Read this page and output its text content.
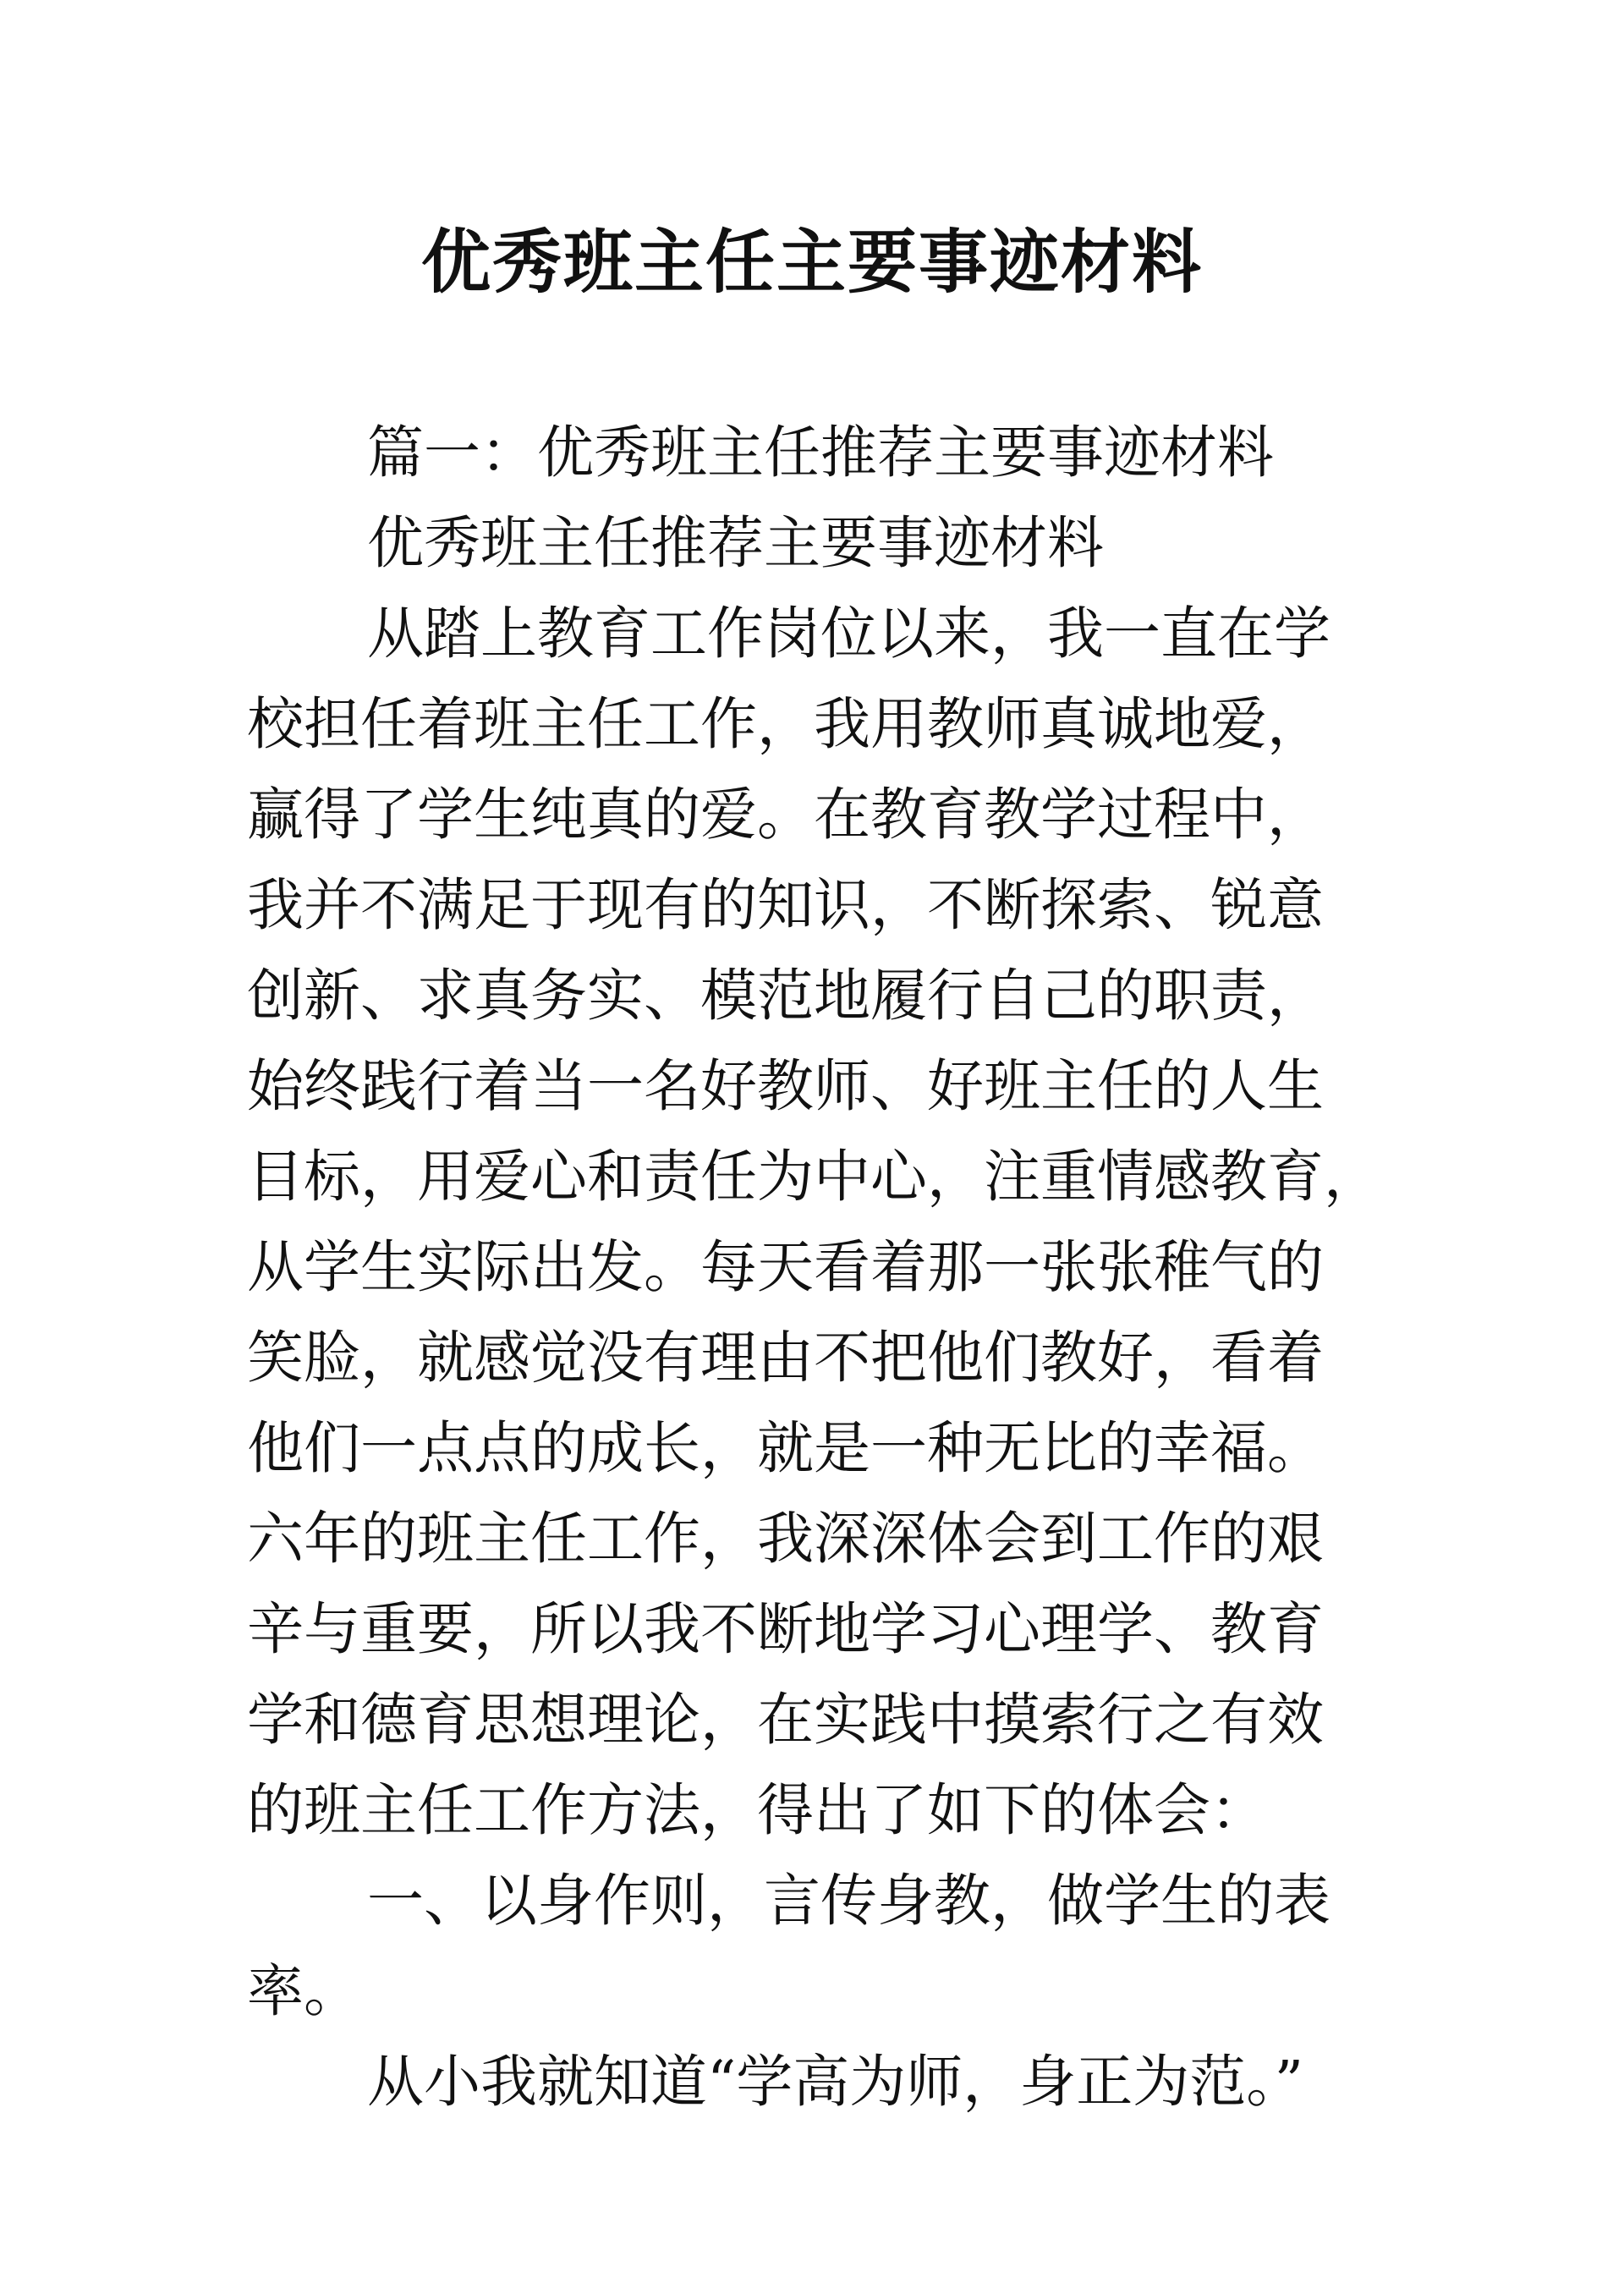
优秀班主任主要事迹材料
篇一：优秀班主任推荐主要事迹材料
优秀班主任推荐主要事迹材料
从踏上教育工作岗位以来，我一直在学
校担任着班主任工作，我用教师真诚地爱，
赢得了学生纯真的爱。在教育教学过程中，
我并不满足于现有的知识，不断探索、锐意
创新、求真务实、模范地履行自己的职责，
始终践行着当一名好教师、好班主任的人生
目标，用爱心和责任为中心，注重情感教育，
从学生实际出发。每天看着那一张张稚气的
笑脸，就感觉没有理由不把他们教好，看着
他们一点点的成长，就是一种无比的幸福。
六年的班主任工作，我深深体会到工作的艰
辛与重要，所以我不断地学习心理学、教育
学和德育思想理论，在实践中摸索行之有效
的班主任工作方法，得出了如下的体会：
一、以身作则，言传身教，做学生的表
率。
从小我就知道“学高为师，身正为范。”
